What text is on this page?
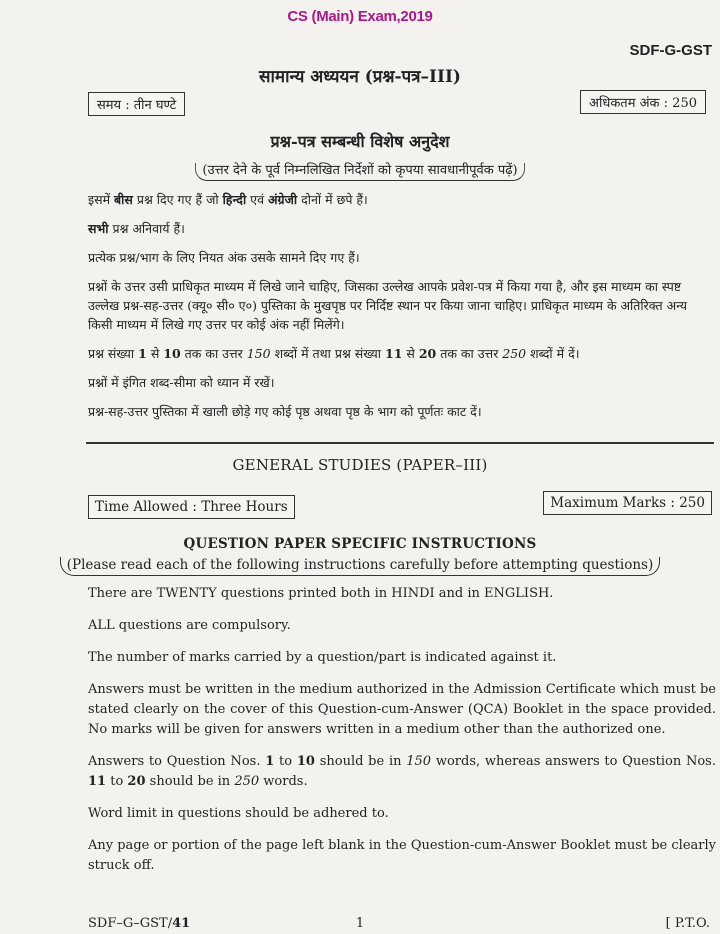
CS (Main) Exam,2019
SDF-G-GST
सामान्य अध्ययन (प्रश्न-पत्र–III)
समय : तीन घण्टे	अधिकतम अंक : 250
प्रश्न-पत्र सम्बन्धी विशेष अनुदेश
(उत्तर देने के पूर्व निम्नलिखित निर्देशों को कृपया सावधानीपूर्वक पढ़ें)

इसमें बीस प्रश्न दिए गए हैं जो हिन्दी एवं अंग्रेजी दोनों में छपे हैं।

सभी प्रश्न अनिवार्य हैं।

प्रत्येक प्रश्न/भाग के लिए नियत अंक उसके सामने दिए गए हैं।

प्रश्नों के उत्तर उसी प्राधिकृत माध्यम में लिखे जाने चाहिए, जिसका उल्लेख आपके प्रवेश-पत्र में किया गया है, और इस माध्यम का स्पष्ट उल्लेख प्रश्न-सह-उत्तर (क्यू० सी० ए०) पुस्तिका के मुखपृष्ठ पर निर्दिष्ट स्थान पर किया जाना चाहिए। प्राधिकृत माध्यम के अतिरिक्त अन्य किसी माध्यम में लिखे गए उत्तर पर कोई अंक नहीं मिलेंगे।

प्रश्न संख्या 1 से 10 तक का उत्तर 150 शब्दों में तथा प्रश्न संख्या 11 से 20 तक का उत्तर 250 शब्दों में दें।

प्रश्नों में इंगित शब्द-सीमा को ध्यान में रखें।

प्रश्न-सह-उत्तर पुस्तिका में खाली छोड़े गए कोई पृष्ठ अथवा पृष्ठ के भाग को पूर्णतः काट दें।

GENERAL STUDIES (PAPER–III)
Time Allowed : Three Hours	Maximum Marks : 250
QUESTION PAPER SPECIFIC INSTRUCTIONS
(Please read each of the following instructions carefully before attempting questions)

There are TWENTY questions printed both in HINDI and in ENGLISH.

ALL questions are compulsory.

The number of marks carried by a question/part is indicated against it.

Answers must be written in the medium authorized in the Admission Certificate which must be stated clearly on the cover of this Question-cum-Answer (QCA) Booklet in the space provided. No marks will be given for answers written in a medium other than the authorized one.

Answers to Question Nos. 1 to 10 should be in 150 words, whereas answers to Question Nos. 11 to 20 should be in 250 words.

Word limit in questions should be adhered to.

Any page or portion of the page left blank in the Question-cum-Answer Booklet must be clearly struck off.

SDF–G–GST/41	1	[ P.T.O.
